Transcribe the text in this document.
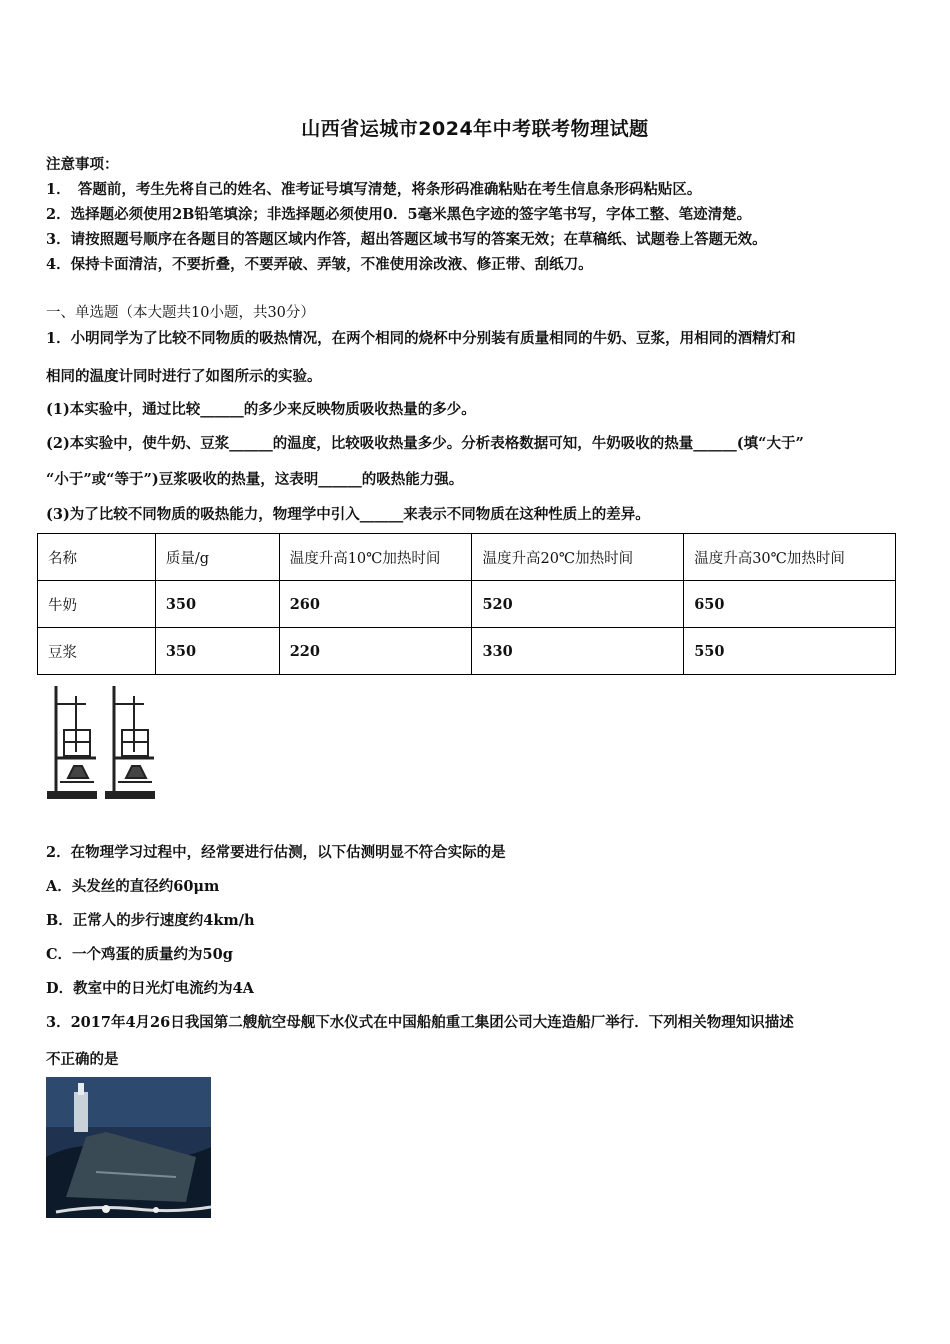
山西省运城市2024年中考联考物理试题
注意事项：
1．　答题前，考生先将自己的姓名、准考证号填写清楚，将条形码准确粘贴在考生信息条形码粘贴区。
2．选择题必须使用2B铅笔填涂；非选择题必须使用0．5毫米黑色字迹的签字笔书写，字体工整、笔迹清楚。
3．请按照题号顺序在各题目的答题区域内作答，超出答题区域书写的答案无效；在草稿纸、试题卷上答题无效。
4．保持卡面清洁，不要折叠，不要弄破、弄皱，不准使用涂改液、修正带、刮纸刀。
一、单选题（本大题共10小题，共30分）
1．小明同学为了比较不同物质的吸热情况，在两个相同的烧杯中分别装有质量相同的牛奶、豆浆，用相同的酒精灯和
相同的温度计同时进行了如图所示的实验。
(1)本实验中，通过比较______的多少来反映物质吸收热量的多少。
(2)本实验中，使牛奶、豆浆______的温度，比较吸收热量多少。分析表格数据可知，牛奶吸收的热量______(填“大于”
“小于”或“等于”)豆浆吸收的热量，这表明______的吸热能力强。
(3)为了比较不同物质的吸热能力，物理学中引入______来表示不同物质在这种性质上的差异。
名称	质量/g	温度升高10℃加热时间	温度升高20℃加热时间	温度升高30℃加热时间
牛奶	350	260	520	650
豆浆	350	220	330	550
2．在物理学习过程中，经常要进行估测，以下估测明显不符合实际的是
A．头发丝的直径约60μm
B．正常人的步行速度约4km/h
C．一个鸡蛋的质量约为50g
D．教室中的日光灯电流约为4A
3．2017年4月26日我国第二艘航空母舰下水仪式在中国船舶重工集团公司大连造船厂举行．下列相关物理知识描述
不正确的是
